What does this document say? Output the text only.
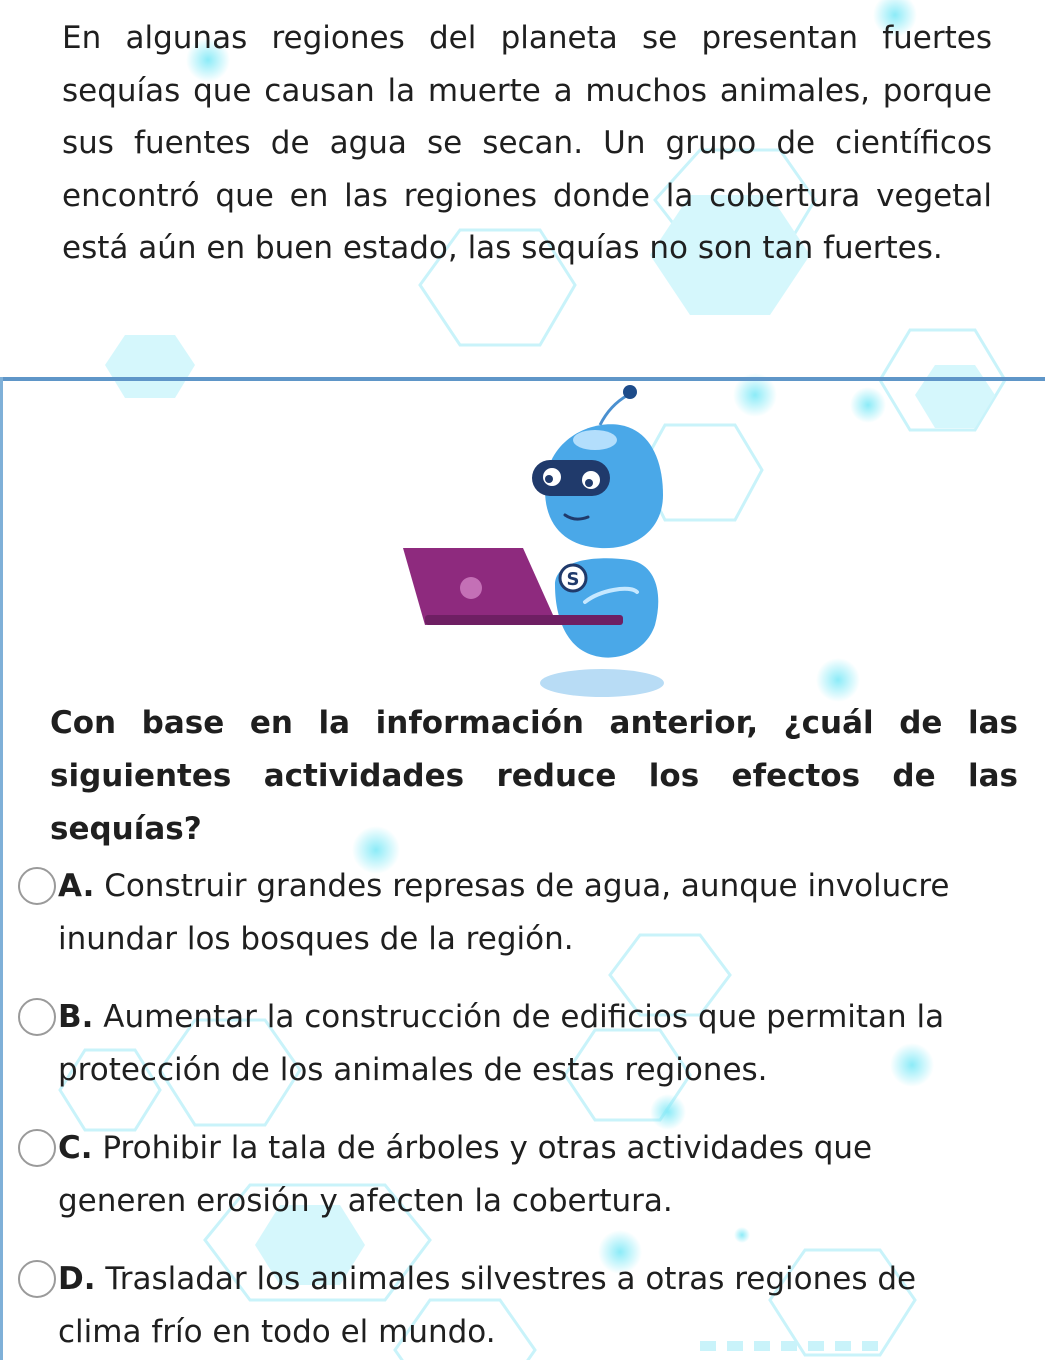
En algunas regiones del planeta se presentan fuertes sequías que causan la muerte a muchos animales, porque sus fuentes de agua se secan. Un grupo de científicos encontró que en las regiones donde la cobertura vegetal está aún en buen estado, las sequías no son tan fuertes.

S

Con base en la información anterior, ¿cuál de las siguientes actividades reduce los efectos de las sequías?

A. Construir grandes represas de agua, aunque involucre inundar los bosques de la región.

B. Aumentar la construcción de edificios que permitan la protección de los animales de estas regiones.

C. Prohibir la tala de árboles y otras actividades que generen erosión y afecten la cobertura.

D. Trasladar los animales silvestres a otras regiones de clima frío en todo el mundo.
